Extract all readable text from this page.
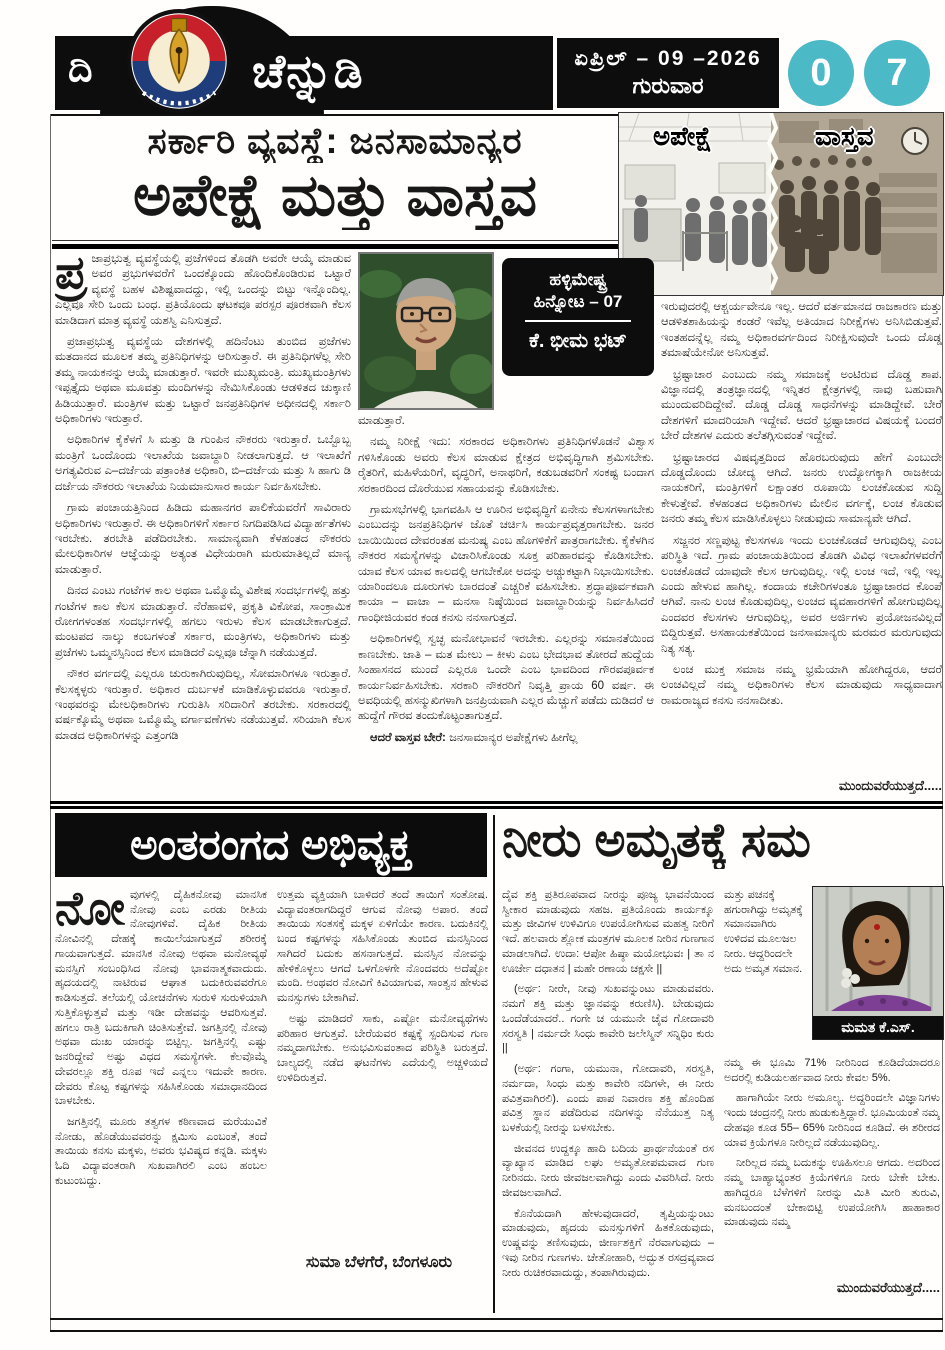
ದಿ	ಚೆನ್ನುಡಿ	ಏಪ್ರಿಲ್ – 09 –2026
ಗುರುವಾರ	0	7
ಸರ್ಕಾರಿ ವ್ಯವಸ್ಥೆ: ಜನಸಾಮಾನ್ಯರ
ಅಪೇಕ್ಷೆ ಮತ್ತು ವಾಸ್ತವ
ಅಪೇಕ್ಷೆ	ವಾಸ್ತವ
ಹಳ್ಳಿಮೇಷ್ಟ್ರ
ಹಿನ್ನೋಟ – 07
ಕೆ. ಭೀಮ ಭಟ್

ಪ್ರ ಜಾಪ್ರಭುತ್ವ ವ್ಯವಸ್ಥೆಯಲ್ಲಿ ಪ್ರಜೆಗಳಿಂದ ತೊಡಗಿ ಅವರೇ ಆಯ್ಕೆ ಮಾಡುವ ಅವರ ಪ್ರಭುಗಳವರೆಗೆ ಒಂದಕ್ಕೊಂದು ಹೊಂದಿಕೊಂಡಿರುವ ಒಟ್ಟಾರೆ ವ್ಯವಸ್ಥೆ ಬಹಳ ವಿಶಿಷ್ಟವಾದದ್ದು, ಇಲ್ಲಿ ಒಂದನ್ನು ಬಿಟ್ಟು ಇನ್ನೊಂದಿಲ್ಲ. ಎಲ್ಲವೂ ಸೇರಿ ಒಂದು ಬಂಧ. ಪ್ರತಿಯೊಂದು ಘಟಕವೂ ಪರಸ್ಪರ ಪೂರಕವಾಗಿ ಕೆಲಸ ಮಾಡಿದಾಗ ಮಾತ್ರ ವ್ಯವಸ್ಥೆ ಯಶಸ್ವಿ ಎನಿಸುತ್ತದೆ.

ಪ್ರಜಾಪ್ರಭುತ್ವ ವ್ಯವಸ್ಥೆಯ ದೇಶಗಳಲ್ಲಿ ಹದಿನೆಂಟು ತುಂಬಿದ ಪ್ರಜೆಗಳು ಮತದಾನದ ಮೂಲಕ ತಮ್ಮ ಪ್ರತಿನಿಧಿಗಳನ್ನು ಆರಿಸುತ್ತಾರೆ. ಈ ಪ್ರತಿನಿಧಿಗಳೆಲ್ಲ ಸೇರಿ ತಮ್ಮ ನಾಯಕನನ್ನು ಆಯ್ಕೆ ಮಾಡುತ್ತಾರೆ. ಇವರೇ ಮುಖ್ಯಮಂತ್ರಿ. ಮುಖ್ಯಮಂತ್ರಿಗಳು ಇಪ್ಪತ್ತೈದು ಅಥವಾ ಮೂವತ್ತು ಮಂದಿಗಳನ್ನು ನೇಮಿಸಿಕೊಂಡು ಆಡಳಿತದ ಚುಕ್ಕಾಣಿ ಹಿಡಿಯುತ್ತಾರೆ. ಮಂತ್ರಿಗಳ ಮತ್ತು ಒಟ್ಟಾರೆ ಜನಪ್ರತಿನಿಧಿಗಳ ಅಧೀನದಲ್ಲಿ ಸರ್ಕಾರಿ ಅಧಿಕಾರಿಗಳು ಇರುತ್ತಾರೆ.

ಅಧಿಕಾರಿಗಳ ಕೈಕೆಳಗೆ ಸಿ ಮತ್ತು ಡಿ ಗುಂಪಿನ ನೌಕರರು ಇರುತ್ತಾರೆ. ಒಬ್ಬೊಬ್ಬ ಮಂತ್ರಿಗೆ ಒಂದೊಂದು ಇಲಾಖೆಯ ಜವಾಬ್ದಾರಿ ನೀಡಲಾಗುತ್ತದೆ. ಆ ಇಲಾಖೆಗೆ ಅಗತ್ಯವಿರುವ ಎ–ದರ್ಜೆಯ ಪತ್ರಾಂಕಿತ ಅಧಿಕಾರಿ, ಬಿ–ದರ್ಜೆಯ ಮತ್ತು ಸಿ ಹಾಗು ಡಿ ದರ್ಜೆಯ ನೌಕರರು ಇಲಾಖೆಯ ನಿಯಮಾನುಸಾರ ಕಾರ್ಯ ನಿರ್ವಹಿಸಬೇಕು.

ಗ್ರಾಮ ಪಂಚಾಯತ್ತಿನಿಂದ ಹಿಡಿದು ಮಹಾನಗರ ಪಾಲಿಕೆಯವರೆಗೆ ಸಾವಿರಾರು ಅಧಿಕಾರಿಗಳು ಇರುತ್ತಾರೆ. ಈ ಅಧಿಕಾರಿಗಳಿಗೆ ಸರ್ಕಾರ ನಿಗದಿಪಡಿಸಿದ ವಿದ್ಯಾರ್ಹತೆಗಳು ಇರಬೇಕು. ತರಬೇತಿ ಪಡೆದಿರಬೇಕು. ಸಾಮಾನ್ಯವಾಗಿ ಕೆಳಹಂತದ ನೌಕರರು ಮೇಲಧಿಕಾರಿಗಳ ಆಜ್ಞೆಯನ್ನು ಅತ್ಯಂತ ವಿಧೇಯರಾಗಿ ಮರುಮಾತಿಲ್ಲದೆ ಮಾನ್ಯ ಮಾಡುತ್ತಾರೆ.

ದಿನದ ಎಂಟು ಗಂಟೆಗಳ ಕಾಲ ಅಥವಾ ಒಮ್ಮೊಮ್ಮೆ ವಿಶೇಷ ಸಂದರ್ಭಗಳಲ್ಲಿ ಹತ್ತು ಗಂಟೆಗಳ ಕಾಲ ಕೆಲಸ ಮಾಡುತ್ತಾರೆ. ನೆರೆಹಾವಳಿ, ಪ್ರಕೃತಿ ವಿಕೋಪ, ಸಾಂಕ್ರಾಮಿಕ ರೋಗಗಳಂತಹ ಸಂದರ್ಭಗಳಲ್ಲಿ ಹಗಲು ಇರುಳು ಕೆಲಸ ಮಾಡಬೇಕಾಗುತ್ತದೆ. ಮಂಟಪದ ನಾಲ್ಕು ಕಂಬಗಳಂತೆ ಸರ್ಕಾರ, ಮಂತ್ರಿಗಳು, ಅಧಿಕಾರಿಗಳು ಮತ್ತು ಪ್ರಜೆಗಳು ಒಮ್ಮನಸ್ಸಿನಿಂದ ಕೆಲಸ ಮಾಡಿದರೆ ಎಲ್ಲವೂ ಚೆನ್ನಾಗಿ ನಡೆಯುತ್ತದೆ.

ನೌಕರ ವರ್ಗದಲ್ಲಿ ಎಲ್ಲರೂ ಚುರುಕಾಗಿರುವುದಿಲ್ಲ, ಸೋಮಾರಿಗಳೂ ಇರುತ್ತಾರೆ. ಕೆಲಸಕ್ಕಳ್ಳರು ಇರುತ್ತಾರೆ. ಅಧಿಕಾರ ದುರ್ಬಳಕೆ ಮಾಡಿಕೊಳ್ಳುವವರೂ ಇರುತ್ತಾರೆ. ಇಂಥವರನ್ನು ಮೇಲಧಿಕಾರಿಗಳು ಗುರುತಿಸಿ ಸರಿದಾರಿಗೆ ತರಬೇಕು. ಸರಕಾರದಲ್ಲಿ ವರ್ಷಕ್ಕೊಮ್ಮೆ ಅಥವಾ ಒಮ್ಮೊಮ್ಮೆ ವರ್ಗಾವಣೆಗಳು ನಡೆಯುತ್ತವೆ. ಸರಿಯಾಗಿ ಕೆಲಸ ಮಾಡದ ಅಧಿಕಾರಿಗಳನ್ನು ಎತ್ತಂಗಡಿ

ಮಾಡುತ್ತಾರೆ.

ನಮ್ಮ ನಿರೀಕ್ಷೆ ಇದು: ಸರಕಾರದ ಅಧಿಕಾರಿಗಳು ಪ್ರತಿನಿಧಿಗಳೊಡನೆ ವಿಶ್ವಾಸ ಗಳಿಸಿಕೊಂಡು ಅವರು ಕೆಲಸ ಮಾಡುವ ಕ್ಷೇತ್ರದ ಅಭಿವೃದ್ಧಿಗಾಗಿ ಶ್ರಮಿಸಬೇಕು. ರೈತರಿಗೆ, ಮಹಿಳೆಯರಿಗೆ, ವೃದ್ಧರಿಗೆ, ಅನಾಥರಿಗೆ, ಕಡುಬಡವರಿಗೆ ಸಂಕಷ್ಟ ಬಂದಾಗ ಸರಕಾರದಿಂದ ದೊರೆಯುವ ಸಹಾಯವನ್ನು ಕೊಡಿಸಬೇಕು.

ಗ್ರಾಮಸಭೆಗಳಲ್ಲಿ ಭಾಗವಹಿಸಿ ಆ ಊರಿನ ಅಭಿವೃದ್ಧಿಗೆ ಏನೇನು ಕೆಲಸಗಳಾಗಬೇಕು ಎಂಬುದನ್ನು ಜನಪ್ರತಿನಿಧಿಗಳ ಜೊತೆ ಚರ್ಚಿಸಿ ಕಾರ್ಯಪ್ರವೃತ್ತರಾಗಬೇಕು. ಜನರ ಬಾಯಿಯಿಂದ ದೇವರಂತಹ ಮನುಷ್ಯ ಎಂಬ ಹೊಗಳಿಕೆಗೆ ಪಾತ್ರರಾಗಬೇಕು. ಕೈಕೆಳಗಿನ ನೌಕರರ ಸಮಸ್ಯೆಗಳನ್ನು ವಿಚಾರಿಸಿಕೊಂಡು ಸೂಕ್ತ ಪರಿಹಾರವನ್ನು ಕೊಡಿಸಬೇಕು. ಯಾವ ಕೆಲಸ ಯಾವ ಕಾಲದಲ್ಲಿ ಆಗಬೇಕೋ ಅದನ್ನು ಅಚ್ಚುಕಟ್ಟಾಗಿ ನಿಭಾಯಿಸಬೇಕು. ಯಾರಿಂದಲೂ ದೂರುಗಳು ಬಾರದಂತೆ ಎಚ್ಚರಿಕೆ ವಹಿಸಬೇಕು. ಶ್ರದ್ಧಾಪೂರ್ವಕವಾಗಿ ಕಾಯಾ – ವಾಚಾ – ಮನಸಾ ನಿಷ್ಠೆಯಿಂದ ಜವಾಬ್ದಾರಿಯನ್ನು ನಿರ್ವಹಿಸಿದರೆ ಗಾಂಧೀಜಿಯವರ ಕಂಡ ಕನಸು ನನಸಾಗುತ್ತದೆ.

ಅಧಿಕಾರಿಗಳಲ್ಲಿ ಸ್ವಚ್ಛ ಮನೋಭಾವನೆ ಇರಬೇಕು. ಎಲ್ಲರನ್ನು ಸಮಾನತೆಯಿಂದ ಕಾಣಬೇಕು. ಜಾತಿ – ಮತ ಮೇಲು – ಕೀಳು ಎಂಬ ಭೇದಭಾವ ತೋರದೆ ಹುದ್ದೆಯ ಸಿಂಹಾಸನದ ಮುಂದೆ ಎಲ್ಲರೂ ಒಂದೇ ಎಂಬ ಭಾವದಿಂದ ಗೌರವಪೂರ್ವಕ ಕಾರ್ಯನಿರ್ವಹಿಸಬೇಕು. ಸರಕಾರಿ ನೌಕರರಿಗೆ ನಿವೃತ್ತಿ ಪ್ರಾಯ 60 ವರ್ಷ. ಈ ಅವಧಿಯಲ್ಲಿ ಹಸನ್ಮುಖಿಗಳಾಗಿ ಜನಪ್ರಿಯವಾಗಿ ಎಲ್ಲರ ಮೆಚ್ಚುಗೆ ಪಡೆದು ದುಡಿದರೆ ಆ ಹುದ್ದೆಗೆ ಗೌರವ ತಂದುಕೊಟ್ಟಂತಾಗುತ್ತದೆ.

ಆದರೆ ವಾಸ್ತವ ಬೇರೆ: ಜನಸಾಮಾನ್ಯರ ಅಪೇಕ್ಷೆಗಳು ಹೀಗೆಲ್ಲ

ಇರುವುದರಲ್ಲಿ ಆಶ್ಚರ್ಯವೇನೂ ಇಲ್ಲ. ಆದರೆ ವರ್ತಮಾನದ ರಾಜಕಾರಣ ಮತ್ತು ಆಡಳಿತಶಾಹಿಯನ್ನು ಕಂಡರೆ ಇವೆಲ್ಲ ಅತಿಯಾದ ನಿರೀಕ್ಷೆಗಳು ಅನಿಸಿಬಿಡುತ್ತವೆ. ಇಂತಹದನ್ನೆಲ್ಲ ನಮ್ಮ ಅಧಿಕಾರವರ್ಗದಿಂದ ನಿರೀಕ್ಷಿಸುವುದೇ ಒಂದು ದೊಡ್ಡ ತಮಾಷೆಯೇನೋ ಅನಿಸುತ್ತವೆ.

ಭ್ರಷ್ಟಾಚಾರ ಎಂಬುದು ನಮ್ಮ ಸಮಾಜಕ್ಕೆ ಅಂಟಿರುವ ದೊಡ್ಡ ಶಾಪ. ವಿಜ್ಞಾನದಲ್ಲಿ ತಂತ್ರಜ್ಞಾನದಲ್ಲಿ ಇನ್ನಿತರ ಕ್ಷೇತ್ರಗಳಲ್ಲಿ ನಾವು ಬಹುವಾಗಿ ಮುಂದುವರಿದಿದ್ದೇವೆ. ದೊಡ್ಡ ದೊಡ್ಡ ಸಾಧನೆಗಳನ್ನು ಮಾಡಿದ್ದೇವೆ. ಬೇರೆ ದೇಶಗಳಿಗೆ ಮಾದರಿಯಾಗಿ ಇದ್ದೇವೆ. ಆದರೆ ಭ್ರಷ್ಟಾಚಾರದ ವಿಷಯಕ್ಕೆ ಬಂದರೆ ಬೇರೆ ದೇಶಗಳ ಎದುರು ತಲೆತಗ್ಗಿಸುವಂತೆ ಇದ್ದೇವೆ.

ಭ್ರಷ್ಟಾಚಾರದ ವಿಷವೃತ್ತದಿಂದ ಹೊರಬರುವುದು ಹೇಗೆ ಎಂಬುದೇ ದೊಡ್ಡದೊಂದು ಚೋದ್ಯ ಆಗಿದೆ. ಜನರು ಉದ್ಯೋಗಕ್ಕಾಗಿ ರಾಜಕೀಯ ನಾಯಕರಿಗೆ, ಮಂತ್ರಿಗಳಿಗೆ ಲಕ್ಷಾಂತರ ರೂಪಾಯಿ ಲಂಚಕೊಡುವ ಸುದ್ದಿ ಕೇಳುತ್ತೇವೆ. ಕೆಳಹಂತದ ಅಧಿಕಾರಿಗಳು ಮೇಲಿನ ವರ್ಗಕ್ಕೆ, ಲಂಚ ಕೊಡುವ ಜನರು ತಮ್ಮ ಕೆಲಸ ಮಾಡಿಸಿಕೊಳ್ಳಲು ನೀಡುವುದು ಸಾಮಾನ್ಯವೇ ಆಗಿದೆ.

ಸಜ್ಜನರ ಸಣ್ಣಪುಟ್ಟ ಕೆಲಸಗಳೂ ಇಂದು ಲಂಚಕೊಡದೆ ಆಗುವುದಿಲ್ಲ ಎಂಬ ಪರಿಸ್ಥಿತಿ ಇದೆ. ಗ್ರಾಮ ಪಂಚಾಯತಿಯಿಂದ ತೊಡಗಿ ವಿವಿಧ ಇಲಾಖೆಗಳವರೆಗೆ ಲಂಚಕೊಡದೆ ಯಾವುದೇ ಕೆಲಸ ಆಗುವುದಿಲ್ಲ. ಇಲ್ಲಿ ಲಂಚ ಇದೆ, ಇಲ್ಲಿ ಇಲ್ಲ ಎಂದು ಹೇಳುವ ಹಾಗಿಲ್ಲ. ಕಂದಾಯ ಕಚೇರಿಗಳಂತೂ ಭ್ರಷ್ಟಾಚಾರದ ಕೊಂಪೆ ಆಗಿವೆ. ನಾನು ಲಂಚ ಕೊಡುವುದಿಲ್ಲ, ಲಂಚದ ವ್ಯವಹಾರಗಳಿಗೆ ಹೋಗುವುದಿಲ್ಲ ಎಂದವರ ಕೆಲಸಗಳು ಆಗುವುದಿಲ್ಲ, ಅವರ ಅರ್ಜಿಗಳು ಪ್ರಯೋಜನವಿಲ್ಲದೆ ಬಿದ್ದಿರುತ್ತವೆ. ಅಸಹಾಯಕತೆಯಿಂದ ಜನಸಾಮಾನ್ಯರು ಮರಮರ ಮರುಗುವುದು ನಿತ್ಯ ಸತ್ಯ.

ಲಂಚ ಮುಕ್ತ ಸಮಾಜ ನಮ್ಮ ಭ್ರಮೆಯಾಗಿ ಹೋಗಿದ್ದರೂ, ಆದರೆ ಲಂಚವಿಲ್ಲದೆ ನಮ್ಮ ಅಧಿಕಾರಿಗಳು ಕೆಲಸ ಮಾಡುವುದು ಸಾಧ್ಯವಾದಾಗ ರಾಮರಾಜ್ಯದ ಕನಸು ನನಸಾದೀತು.

ಮುಂದುವರೆಯುತ್ತದೆ.....
ಅಂತರಂಗದ ಅಭಿವ್ಯಕ್ತ

ನೋವುಗಳಲ್ಲಿ ದೈಹಿಕನೋವು ಮಾನಸಿಕ ನೋವು ಎಂಬ ಎರಡು ರೀತಿಯ ನೋವುಗಳಿವೆ. ದೈಹಿಕ ರೀತಿಯ ನೋವಿನಲ್ಲಿ ದೇಹಕ್ಕೆ ಕಾಯಿಲೆಯಾಗುತ್ತದೆ ಶರೀರಕ್ಕೆ ಗಾಯವಾಗುತ್ತದೆ. ಮಾನಸಿಕ ನೋವು ಅಥವಾ ಮನೋವ್ಯಥೆ ಮನಸ್ಸಿಗೆ ಸಂಬಂಧಿಸಿದ ನೋವು ಭಾವನಾತ್ಮಕವಾದುದು. ಹೃದಯದಲ್ಲಿ ನಾಟಿರುವ ಆಘಾತ ಬದುಕಿರುವವರೆಗೂ ಕಾಡಿಸುತ್ತದೆ. ತಲೆಯಲ್ಲಿ ಯೋಚನೆಗಳು ಸುರುಳಿ ಸುರುಳಿಯಾಗಿ ಸುತ್ತಿಕೊಳ್ಳುತ್ತವೆ ಮತ್ತು ಇಡೀ ದೇಹವನ್ನು ಆವರಿಸುತ್ತವೆ. ಹಗಲು ರಾತ್ರಿ ಬದುಕಿಗಾಗಿ ಚಿಂತಿಸುತ್ತೇವೆ. ಜಗತ್ತಿನಲ್ಲಿ ನೋವು ಅಥವಾ ದುಃಖ ಯಾರನ್ನು ಬಿಟ್ಟಿಲ್ಲ. ಜಗತ್ತಿನಲ್ಲಿ ಎಷ್ಟು ಜನರಿದ್ದೇವೆ ಅಷ್ಟು ವಿಧದ ಸಮಸ್ಯೆಗಳೇ. ಕೆಲವೊಮ್ಮೆ ದೇವರಲ್ಲೂ ಶಕ್ತಿ ರೂಪ ಇದೆ ಎನ್ನಲು ಇದುವೇ ಕಾರಣ. ದೇವರು ಕೊಟ್ಟ ಕಷ್ಟಗಳನ್ನು ಸಹಿಸಿಕೊಂಡು ಸಮಾಧಾನದಿಂದ ಬಾಳಬೇಕು.

ಜಗತ್ತಿನಲ್ಲಿ ಮೂರು ತತ್ವಗಳ ಕಠಿಣವಾದ ಮರೆಯುವಿಕೆ ನೋಡು, ಹೊಡೆಯುವವರನ್ನು ಕ್ಷಮಿಸು ಎಂಬಂತೆ, ತಂದೆ ತಾಯಿಯ ಕನಸು ಮಕ್ಕಳು, ಅವರು ಭವಿಷ್ಯದ ಕನ್ನಡಿ. ಮಕ್ಕಳು ಓದಿ ವಿದ್ಯಾವಂತರಾಗಿ ಸುಖವಾಗಿರಲಿ ಎಂಬ ಹಂಬಲ ಕುಟುಂಬದ್ದು.

ಉತ್ತಮ ವ್ಯಕ್ತಿಯಾಗಿ ಬಾಳಿದರೆ ತಂದೆ ತಾಯಿಗೆ ಸಂತೋಷ. ವಿದ್ಯಾವಂತರಾಗದಿದ್ದರೆ ಆಗುವ ನೋವು ಅಪಾರ. ತಂದೆ ತಾಯಿಯ ಸಂತಸಕ್ಕೆ ಮಕ್ಕಳ ಏಳಿಗೆಯೇ ಕಾರಣ. ಬದುಕಿನಲ್ಲಿ ಬಂದ ಕಷ್ಟಗಳನ್ನು ಸಹಿಸಿಕೊಂಡು ತುಂಬಿದ ಮನಸ್ಸಿನಿಂದ ಸಾಗಿದರೆ ಬದುಕು ಹಸನಾಗುತ್ತದೆ. ಮನಸ್ಸಿನ ನೋವನ್ನು ಹೇಳಿಕೊಳ್ಳಲು ಆಗದೆ ಒಳಗೊಳಗೇ ನೊಂದವರು ಅದೆಷ್ಟೋ ಮಂದಿ. ಅಂಥವರ ನೋವಿಗೆ ಕಿವಿಯಾಗುವ, ಸಾಂತ್ವನ ಹೇಳುವ ಮನಸ್ಸುಗಳು ಬೇಕಾಗಿವೆ.

ಅಷ್ಟು ಮಾಡಿದರೆ ಸಾಕು, ಎಷ್ಟೋ ಮನೋವ್ಯಥೆಗಳು ಪರಿಹಾರ ಆಗುತ್ತವೆ. ಬೇರೆಯವರ ಕಷ್ಟಕ್ಕೆ ಸ್ಪಂದಿಸುವ ಗುಣ ನಮ್ಮದಾಗಬೇಕು. ಅನುಭವಿಸುವಂತಾದ ಪರಿಸ್ಥಿತಿ ಬರುತ್ತದೆ. ಬಾಲ್ಯದಲ್ಲಿ ನಡೆದ ಘಟನೆಗಳು ಎದೆಯಲ್ಲಿ ಅಚ್ಚಳಿಯದೆ ಉಳಿದಿರುತ್ತವೆ.

ಸುಮಾ ಬೆಳಗೆರೆ, ಬೆಂಗಳೂರು
ನೀರು ಅಮೃತಕ್ಕೆ ಸಮ
ಮಮತ ಕೆ.ಎಸ್.

ದೈವ ಶಕ್ತಿ ಪ್ರತಿರೂಪವಾದ ನೀರನ್ನು ಪೂಜ್ಯ ಭಾವನೆಯಿಂದ ಸ್ವೀಕಾರ ಮಾಡುವುದು ಸಹಜ. ಪ್ರತಿಯೊಂದು ಕಾರ್ಯಕ್ಕೂ ಮತ್ತು ಜೀವಿಗಳ ಉಳಿವಿಗೂ ಉಪಯೋಗಿಸುವ ಮಹತ್ವ ನೀರಿಗೆ ಇದೆ. ಹಲವಾರು ಶ್ಲೋಕ ಮಂತ್ರಗಳ ಮೂಲಕ ನೀರಿನ ಗುಣಗಾನ ಮಾಡಲಾಗಿದೆ. ಉದಾ: ಆಪೋ ಹಿಷ್ಠಾ ಮಯೋಭುವಃ | ತಾ ನ ಊರ್ಜೇ ದಧಾತನ | ಮಹೇ ರಣಾಯ ಚಕ್ಷಸೇ ||

(ಅರ್ಥ: ನೀರೇ, ನೀವು ಸುಖವನ್ನುಂಟು ಮಾಡುವವರು. ನಮಗೆ ಶಕ್ತಿ ಮತ್ತು ಜ್ಞಾನವನ್ನು ಕರುಣಿಸಿ). ಬೇಡುವುದು ಒಂದೆಡೆಯಾದರೆ.. ಗಂಗೇ ಚ ಯಮುನೇ ಚೈವ ಗೋದಾವರಿ ಸರಸ್ವತಿ | ನರ್ಮದೇ ಸಿಂಧು ಕಾವೇರಿ ಜಲೇಸ್ಮಿನ್ ಸನ್ನಿಧಿಂ ಕುರು ||

(ಅರ್ಥ: ಗಂಗಾ, ಯಮುನಾ, ಗೋದಾವರಿ, ಸರಸ್ವತಿ, ನರ್ಮದಾ, ಸಿಂಧು ಮತ್ತು ಕಾವೇರಿ ನದಿಗಳೇ, ಈ ನೀರು ಪವಿತ್ರವಾಗಿರಲಿ). ಎಂದು ಪಾಪ ನಿವಾರಣ ಶಕ್ತಿ ಹೊಂದಿಹ ಪವಿತ್ರ ಸ್ಥಾನ ಪಡೆದಿರುವ ನದಿಗಳನ್ನು ನೆನೆಯುತ್ತ ನಿತ್ಯ ಬಳಕೆಯಲ್ಲಿ ನೀರನ್ನು ಬಳಸಬೇಕು.

ಜೀವನದ ಉದ್ದಕ್ಕೂ ಹಾದಿ ಬದಿಯ ಪ್ರಾರ್ಥನೆಯಂತೆ ರಸ ವ್ಯಾಖ್ಯಾನ ಮಾಡಿದ ಲಘು ಅಮೃತೋಪಮವಾದ ಗುಣ ನೀರಿನದು. ನೀರು ಜೀವಜಲವಾಗಿದ್ದು ಎಂದು ವಿವರಿಸಿದೆ. ನೀರು ಜೀವಜಲವಾಗಿದೆ.

ಕೊನೆಯದಾಗಿ ಹೇಳುವುದಾದರೆ, ತೃಪ್ತಿಯನ್ನುಂಟು ಮಾಡುವುದು, ಹೃದಯ ಮನಸ್ಸುಗಳಿಗೆ ಹಿತಕೊಡುವುದು, ಉಷ್ಣವನ್ನು ತಣಿಸುವುದು, ಜೀರ್ಣಶಕ್ತಿಗೆ ನೆರವಾಗುವುದು – ಇವು ನೀರಿನ ಗುಣಗಳು. ಚೇತೋಹಾರಿ, ಅದ್ಭುತ ರಸದ್ರವ್ಯವಾದ ನೀರು ರುಚಿಕರವಾದುದ್ದು, ತಂಪಾಗಿರುವುದು.

ಮತ್ತು ಪಚನಕ್ಕೆ ಹಗುರಾಗಿದ್ದು ಅಮೃತಕ್ಕೆ ಸಮಾನವಾಗಿರು ಉಳಿದವ ಮೂಲಜಲ ನೀರು. ಆದ್ದರಿಂದಲೇ ಅದು ಅಮೃತ ಸಮಾನ.

ನಮ್ಮ ಈ ಭೂಮಿ 71% ನೀರಿನಿಂದ ಕೂಡಿದೆಯಾದರೂ ಅದರಲ್ಲಿ ಕುಡಿಯಲರ್ಹವಾದ ನೀರು ಕೇವಲ 5%.

ಹಾಗಾಗಿಯೇ ನೀರು ಅಮೂಲ್ಯ. ಅದ್ದರಿಂದಲೇ ವಿಜ್ಞಾನಿಗಳು ಇಂದು ಚಂದ್ರನಲ್ಲಿ ನೀರು ಹುಡುಕುತ್ತಿದ್ದಾರೆ. ಭೂಮಿಯಂತೆ ನಮ್ಮ ದೇಹವೂ ಕೂಡ 55– 65% ನೀರಿನಿಂದ ಕೂಡಿದೆ. ಈ ಶರೀರದ ಯಾವ ಕ್ರಿಯೆಗಳೂ ನೀರಿಲ್ಲದೆ ನಡೆಯುವುದಿಲ್ಲ.

ನೀರಿಲ್ಲದ ನಮ್ಮ ಬದುಕನ್ನು ಊಹಿಸಲೂ ಆಗದು. ಅದರಿಂದ ನಮ್ಮ ಬಾಹ್ಯಾಭ್ಯಂತರ ಕ್ರಿಯೆಗಳಿಗೂ ನೀರು ಬೇಕೇ ಬೇಕು. ಹಾಗಿದ್ದರೂ ಬೆಳೆಗಳಿಗೆ ನೀರನ್ನು ಮಿತಿ ಮೀರಿ ತುರುವಿ, ಮನಬಂದಂತೆ ಬೇಕಾಬಿಟ್ಟಿ ಉಪಯೋಗಿಸಿ ಹಾಹಾಕಾರ ಮಾಡುವುದು ನಮ್ಮ

ಮುಂದುವರೆಯುತ್ತದೆ.....
